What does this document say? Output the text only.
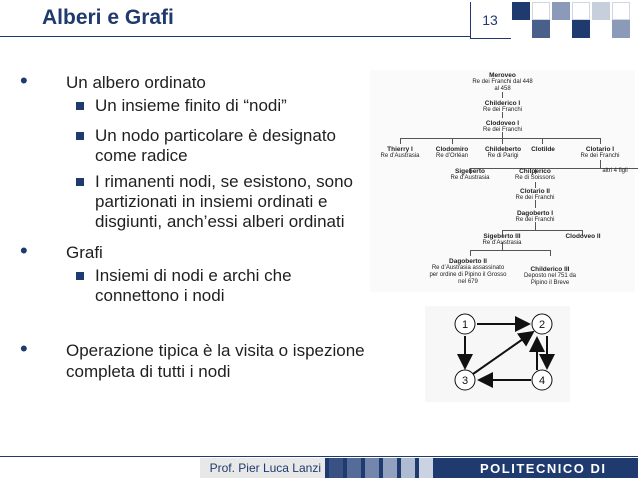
Alberi e Grafi	13
• Un albero ordinato
Un insieme finito di “nodi”
Un nodo particolare è designato come radice
I rimanenti nodi, se esistono, sono partizionati in insiemi ordinati e disgiunti, anch’essi alberi ordinati
• Grafi
Insiemi di nodi e archi che connettono i nodi
• Operazione tipica è la visita o ispezione completa di tutti i nodi
Meroveo
Re dei Franchi dal 448 al 458
Childerico I
Re dei Franchi
Clodoveo I
Re dei Franchi
Thierry I
Re d’Austrasia
Clodomiro
Re d’Orléan
Childeberto
Re di Parigi
Clotilde	Clotario I
Re dei Franchi
Sigeberto
Re d’Austrasia
Chilperico
Re di Soissons
altri 4 figli
Clotario II
Re dei Franchi
Dagoberto I
Re dei Franchi
Sigeberto III
Re d’Austrasia
Clodoveo II
Dagoberto II
Re d’Austrasia assassinato per ordine di Pipino il Grosso nel 679
Childerico III
Deposto nel 751 da Pipino il Breve
1	2
3	4
Prof. Pier Luca Lanzi	POLITECNICO DI MILANO
